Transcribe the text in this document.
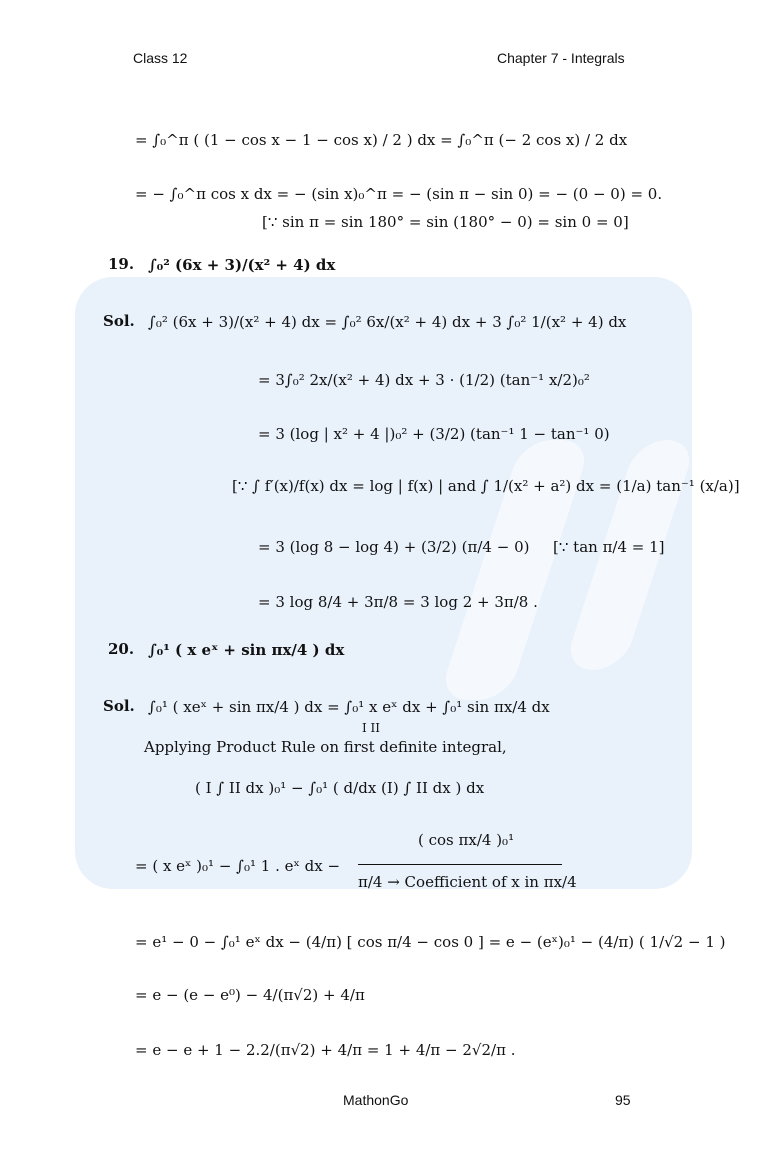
Class 12	Chapter 7 - Integrals
= ∫₀^π ( (1 − cos x − 1 − cos x) / 2 ) dx = ∫₀^π (− 2 cos x) / 2 dx
= − ∫₀^π cos x dx = − (sin x)₀^π = − (sin π − sin 0) = − (0 − 0) = 0.
[∵ sin π = sin 180° = sin (180° − 0) = sin 0 = 0]
19. ∫₀² (6x + 3)/(x² + 4) dx
Sol. ∫₀² (6x + 3)/(x² + 4) dx = ∫₀² 6x/(x² + 4) dx + 3 ∫₀² 1/(x² + 4) dx
= 3∫₀² 2x/(x² + 4) dx + 3 · (1/2) (tan⁻¹ x/2)₀²
= 3 (log | x² + 4 |)₀² + (3/2) (tan⁻¹ 1 − tan⁻¹ 0)
[∵ ∫ f′(x)/f(x) dx = log | f(x) | and ∫ 1/(x² + a²) dx = (1/a) tan⁻¹ (x/a)]
= 3 (log 8 − log 4) + (3/2) (π/4 − 0) [∵ tan π/4 = 1]
= 3 log 8/4 + 3π/8 = 3 log 2 + 3π/8 .
20. ∫₀¹ ( x eˣ + sin πx/4 ) dx
Sol. ∫₀¹ ( xeˣ + sin πx/4 ) dx = ∫₀¹ x eˣ dx + ∫₀¹ sin πx/4 dx
I II
Applying Product Rule on first definite integral,
( I ∫ II dx )₀¹ − ∫₀¹ ( d/dx (I) ∫ II dx ) dx
= ( x eˣ )₀¹ − ∫₀¹ 1 . eˣ dx −
( cos πx/4 )₀¹
π/4 → Coefficient of x in πx/4
= e¹ − 0 − ∫₀¹ eˣ dx − (4/π) [ cos π/4 − cos 0 ] = e − (eˣ)₀¹ − (4/π) ( 1/√2 − 1 )
= e − (e − e⁰) − 4/(π√2) + 4/π
= e − e + 1 − 2.2/(π√2) + 4/π = 1 + 4/π − 2√2/π .
MathonGo	95
